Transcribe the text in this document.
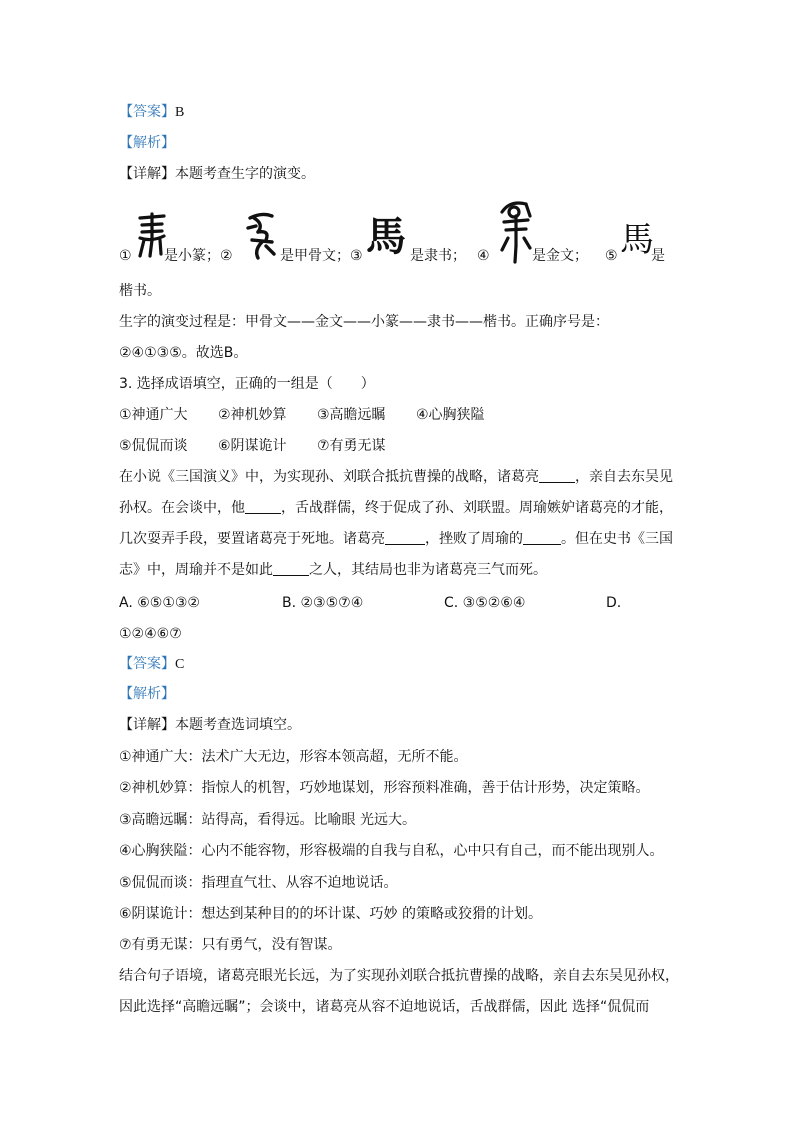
【答案】B
【解析】
【详解】本题考查生字的演变。
① 是小篆；②	是甲骨文；③ 馬 是隶书； ④	是金文； ⑤ 馬
是
楷书。
生字的演变过程是：甲骨文——金文——小篆——隶书——楷书。正确序号是：
②④①③⑤。故选B。
3. 选择成语填空，正确的一组是（　　）
①神通广大 ②神机妙算 ③高瞻远瞩 ④心胸狭隘
⑤侃侃而谈 ⑥阴谋诡计 ⑦有勇无谋
在小说《三国演义》中，为实现孙、刘联合抵抗曹操的战略，诸葛亮	，亲自去东吴见
孙权。在会谈中，他	，舌战群儒，终于促成了孙、刘联盟。周瑜嫉妒诸葛亮的才能，
几次耍弄手段，要置诸葛亮于死地。诸葛亮	，挫败了周瑜的	。但在史书《三国
志》中，周瑜并不是如此	之人，其结局也非为诸葛亮三气而死。
A. ⑥⑤①③②	B. ②③⑤⑦④	C. ③⑤②⑥④	D.
①②④⑥⑦
【答案】C
【解析】
【详解】本题考查选词填空。
①神通广大：法术广大无边，形容本领高超，无所不能。
②神机妙算：指惊人的机智，巧妙地谋划，形容预料准确，善于估计形势，决定策略。
③高瞻远瞩：站得高，看得远。比喻眼 光远大。
④心胸狭隘：心内不能容物，形容极端的自我与自私，心中只有自己，而不能出现别人。
⑤侃侃而谈：指理直气壮、从容不迫地说话。
⑥阴谋诡计：想达到某种目的的坏计谋、巧妙 的策略或狡猾的计划。
⑦有勇无谋：只有勇气，没有智谋。
结合句子语境，诸葛亮眼光长远，为了实现孙刘联合抵抗曹操的战略，亲自去东吴见孙权，
因此选择“高瞻远瞩”；会谈中，诸葛亮从容不迫地说话，舌战群儒，因此 选择“侃侃而
